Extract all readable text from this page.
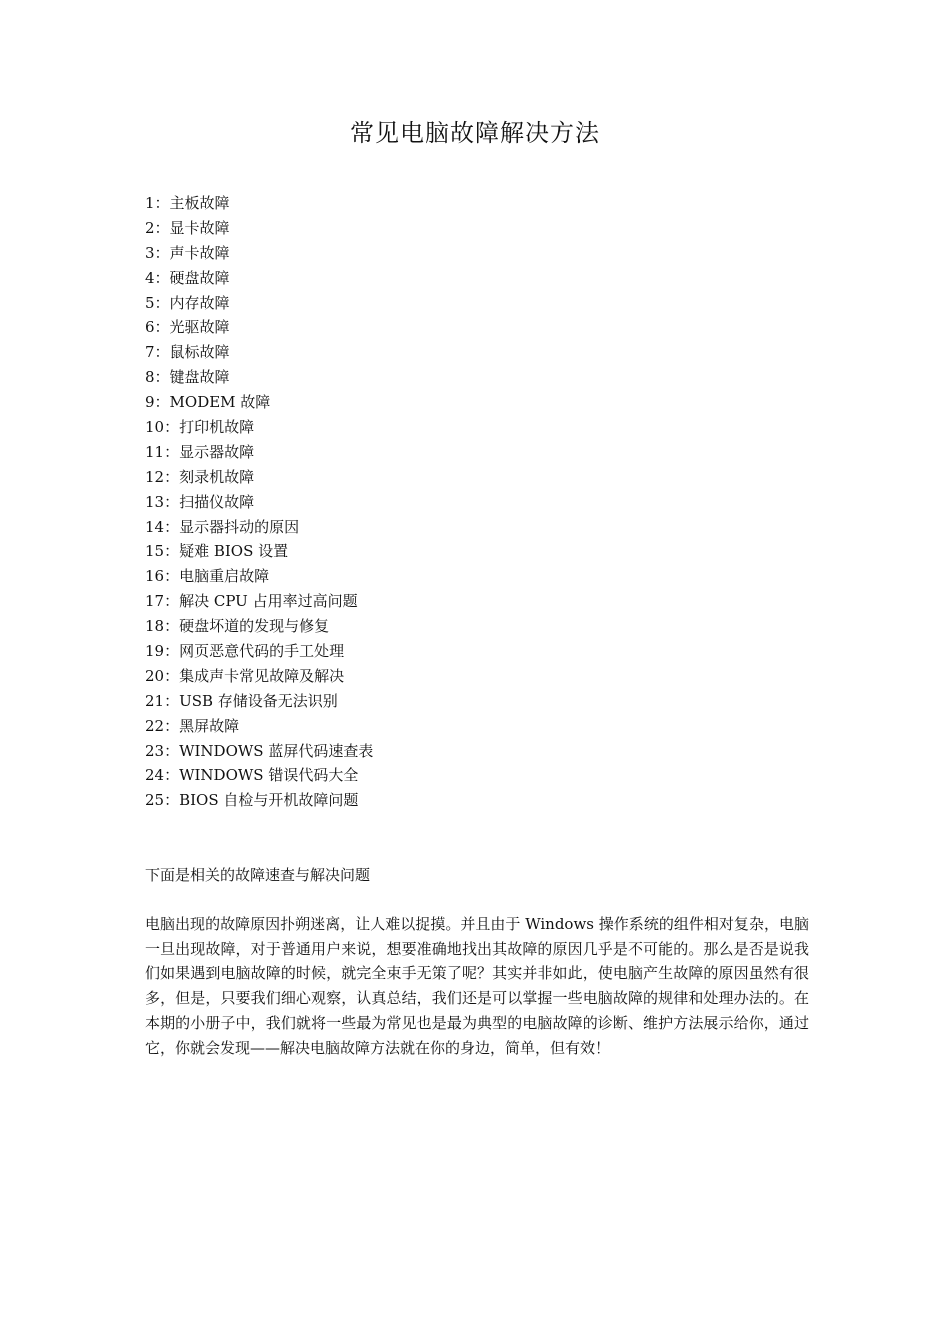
常见电脑故障解决方法
1：主板故障
2：显卡故障
3：声卡故障
4：硬盘故障
5：内存故障
6：光驱故障
7：鼠标故障
8：键盘故障
9：MODEM 故障
10：打印机故障
11：显示器故障
12：刻录机故障
13：扫描仪故障
14：显示器抖动的原因
15：疑难 BIOS 设置
16：电脑重启故障
17：解决 CPU 占用率过高问题
18：硬盘坏道的发现与修复
19：网页恶意代码的手工处理
20：集成声卡常见故障及解决
21：USB 存储设备无法识别
22：黑屏故障
23：WINDOWS 蓝屏代码速查表
24：WINDOWS 错误代码大全
25：BIOS 自检与开机故障问题
下面是相关的故障速查与解决问题

电脑出现的故障原因扑朔迷离，让人难以捉摸。并且由于 Windows 操作系统的组件相对复杂，电脑一旦出现故障，对于普通用户来说，想要准确地找出其故障的原因几乎是不可能的。那么是否是说我们如果遇到电脑故障的时候，就完全束手无策了呢？其实并非如此，使电脑产生故障的原因虽然有很多，但是，只要我们细心观察，认真总结，我们还是可以掌握一些电脑故障的规律和处理办法的。在本期的小册子中，我们就将一些最为常见也是最为典型的电脑故障的诊断、维护方法展示给你，通过它，你就会发现——解决电脑故障方法就在你的身边，简单，但有效！
